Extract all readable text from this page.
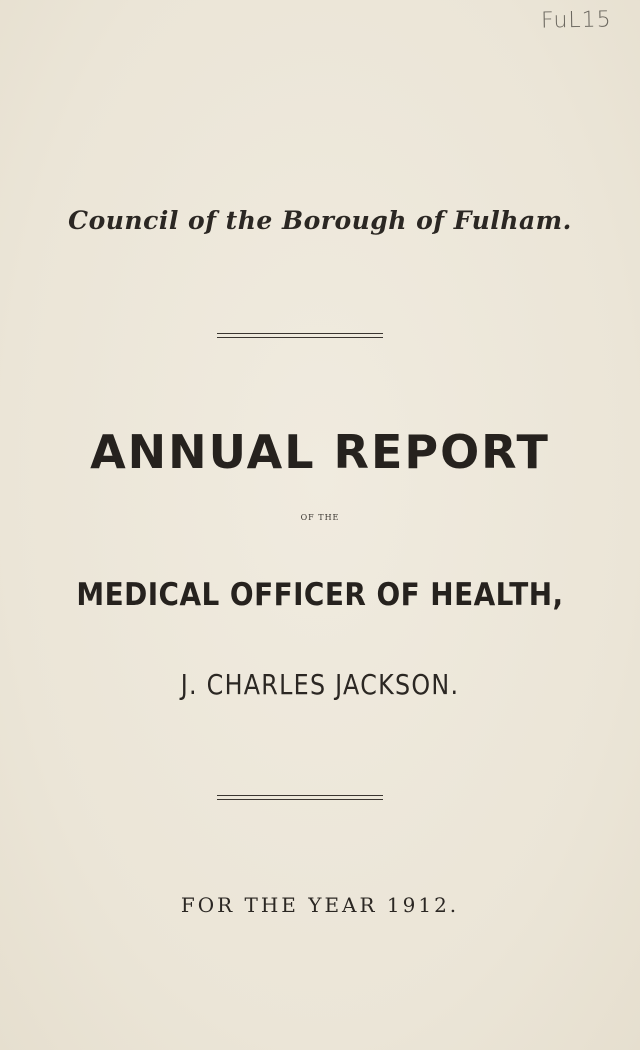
FuL15
Council of the Borough of Fulham.
ANNUAL REPORT
OF THE
MEDICAL OFFICER OF HEALTH,
J. CHARLES JACKSON.
FOR THE YEAR 1912.
